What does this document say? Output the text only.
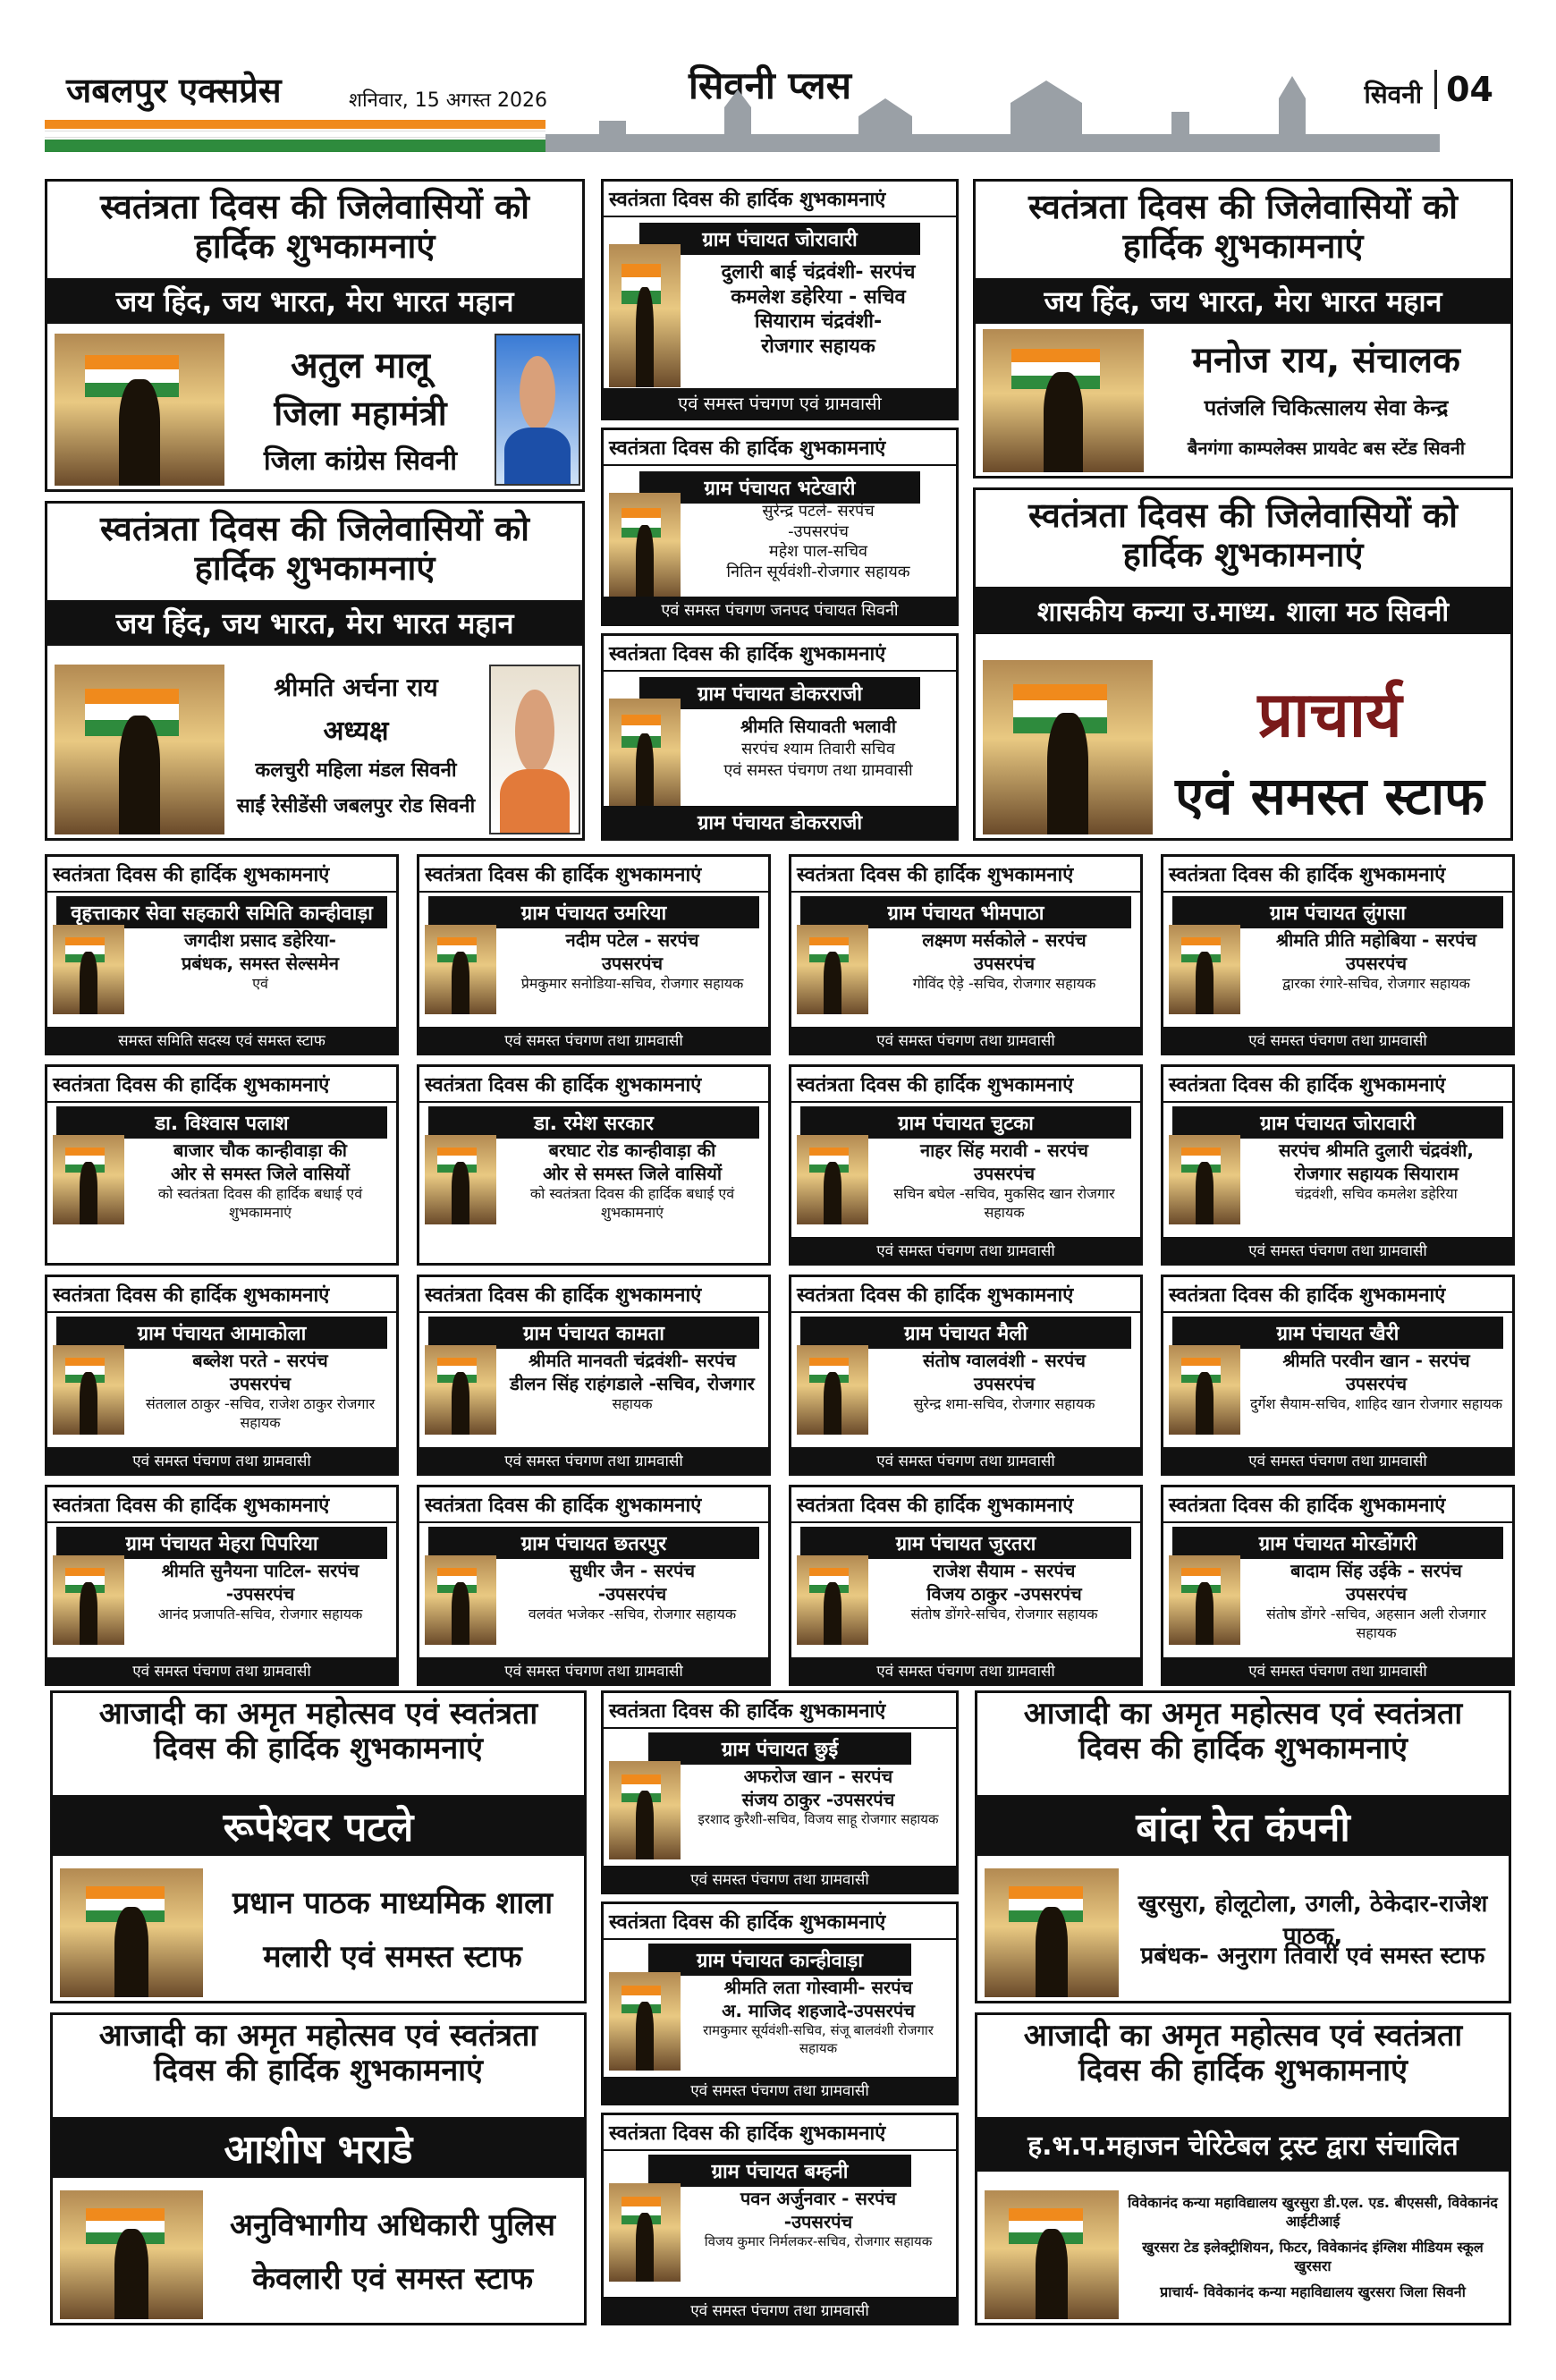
जबलपुर एक्सप्रेस	शनिवार, 15 अगस्त 2026	सिवनी प्लस	सिवनी 04
स्वतंत्रता दिवस की जिलेवासियों को हार्दिक शुभकामनाएं
जय हिंद, जय भारत, मेरा भारत महान
अतुल मालू
जिला महामंत्री
जिला कांग्रेस सिवनी
स्वतंत्रता दिवस की जिलेवासियों को हार्दिक शुभकामनाएं
जय हिंद, जय भारत, मेरा भारत महान
श्रीमति अर्चना राय
अध्यक्ष
कलचुरी महिला मंडल सिवनी
साईं रेसीडेंसी जबलपुर रोड सिवनी
स्वतंत्रता दिवस की हार्दिक शुभकामनाएं
ग्राम पंचायत जोरावारी
दुलारी बाई चंद्रवंशी- सरपंच
कमलेश डहेरिया - सचिव
सियाराम चंद्रवंशी-
रोजगार सहायक
एवं समस्त पंचगण एवं ग्रामवासी
स्वतंत्रता दिवस की हार्दिक शुभकामनाएं
ग्राम पंचायत भटेखारी
सुरेन्द्र पटले- सरपंच
-उपसरपंच
महेश पाल-सचिव
नितिन सूर्यवंशी-रोजगार सहायक
एवं समस्त पंचगण जनपद पंचायत सिवनी
स्वतंत्रता दिवस की हार्दिक शुभकामनाएं
ग्राम पंचायत डोकरराजी
श्रीमति सियावती भलावी
सरपंच श्याम तिवारी सचिव
एवं समस्त पंचगण तथा ग्रामवासी
ग्राम पंचायत डोकरराजी
स्वतंत्रता दिवस की जिलेवासियों को हार्दिक शुभकामनाएं
जय हिंद, जय भारत, मेरा भारत महान
मनोज राय, संचालक
पतंजलि चिकित्सालय सेवा केन्द्र
बैनगंगा काम्पलेक्स प्रायवेट बस स्टेंड सिवनी
स्वतंत्रता दिवस की जिलेवासियों को हार्दिक शुभकामनाएं
शासकीय कन्या उ.माध्य. शाला मठ सिवनी
प्राचार्य
एवं समस्त स्टाफ
स्वतंत्रता दिवस की हार्दिक शुभकामनाएं
वृहत्ताकार सेवा सहकारी समिति कान्हीवाड़ा
जगदीश प्रसाद डहेरिया-
प्रबंधक, समस्त सेल्समेन
एवं
समस्त समिति सदस्य एवं समस्त स्टाफ
स्वतंत्रता दिवस की हार्दिक शुभकामनाएं
ग्राम पंचायत उमरिया
नदीम पटेल - सरपंच
उपसरपंच
प्रेमकुमार सनोडिया-सचिव, रोजगार सहायक
एवं समस्त पंचगण तथा ग्रामवासी
स्वतंत्रता दिवस की हार्दिक शुभकामनाएं
ग्राम पंचायत भीमपाठा
लक्ष्मण मर्सकोले - सरपंच
उपसरपंच
गोविंद ऐड़े -सचिव, रोजगार सहायक
एवं समस्त पंचगण तथा ग्रामवासी
स्वतंत्रता दिवस की हार्दिक शुभकामनाएं
ग्राम पंचायत लुंगसा
श्रीमति प्रीति महोबिया - सरपंच
उपसरपंच
द्वारका रंगारे-सचिव, रोजगार सहायक
एवं समस्त पंचगण तथा ग्रामवासी
स्वतंत्रता दिवस की हार्दिक शुभकामनाएं
डा. विश्वास पलाश
बाजार चौक कान्हीवाड़ा की
ओर से समस्त जिले वासियों
को स्वतंत्रता दिवस की हार्दिक बधाई एवं शुभकामनाएं
स्वतंत्रता दिवस की हार्दिक शुभकामनाएं
डा. रमेश सरकार
बरघाट रोड कान्हीवाड़ा की
ओर से समस्त जिले वासियों
को स्वतंत्रता दिवस की हार्दिक बधाई एवं शुभकामनाएं
स्वतंत्रता दिवस की हार्दिक शुभकामनाएं
ग्राम पंचायत चुटका
नाहर सिंह मरावी - सरपंच
उपसरपंच
सचिन बघेल -सचिव, मुकसिद खान रोजगार सहायक
एवं समस्त पंचगण तथा ग्रामवासी
स्वतंत्रता दिवस की हार्दिक शुभकामनाएं
ग्राम पंचायत जोरावारी
सरपंच श्रीमति दुलारी चंद्रवंशी,
रोजगार सहायक सियाराम
चंद्रवंशी, सचिव कमलेश डहेरिया
एवं समस्त पंचगण तथा ग्रामवासी
स्वतंत्रता दिवस की हार्दिक शुभकामनाएं
ग्राम पंचायत आमाकोला
बब्लेश परते - सरपंच
उपसरपंच
संतलाल ठाकुर -सचिव, राजेश ठाकुर रोजगार सहायक
एवं समस्त पंचगण तथा ग्रामवासी
स्वतंत्रता दिवस की हार्दिक शुभकामनाएं
ग्राम पंचायत कामता
श्रीमति मानवती चंद्रवंशी- सरपंच
डीलन सिंह राहंगडाले -सचिव, रोजगार
सहायक
एवं समस्त पंचगण तथा ग्रामवासी
स्वतंत्रता दिवस की हार्दिक शुभकामनाएं
ग्राम पंचायत मैली
संतोष ग्वालवंशी - सरपंच
उपसरपंच
सुरेन्द्र शमा-सचिव, रोजगार सहायक
एवं समस्त पंचगण तथा ग्रामवासी
स्वतंत्रता दिवस की हार्दिक शुभकामनाएं
ग्राम पंचायत खैरी
श्रीमति परवीन खान - सरपंच
उपसरपंच
दुर्गेश सैयाम-सचिव, शाहिद खान रोजगार सहायक
एवं समस्त पंचगण तथा ग्रामवासी
स्वतंत्रता दिवस की हार्दिक शुभकामनाएं
ग्राम पंचायत मेहरा पिपरिया
श्रीमति सुनैयना पाटिल- सरपंच
-उपसरपंच
आनंद प्रजापति-सचिव, रोजगार सहायक
एवं समस्त पंचगण तथा ग्रामवासी
स्वतंत्रता दिवस की हार्दिक शुभकामनाएं
ग्राम पंचायत छतरपुर
सुधीर जैन - सरपंच
-उपसरपंच
वलवंत भजेकर -सचिव, रोजगार सहायक
एवं समस्त पंचगण तथा ग्रामवासी
स्वतंत्रता दिवस की हार्दिक शुभकामनाएं
ग्राम पंचायत जुरतरा
राजेश सैयाम - सरपंच
विजय ठाकुर -उपसरपंच
संतोष डोंगरे-सचिव, रोजगार सहायक
एवं समस्त पंचगण तथा ग्रामवासी
स्वतंत्रता दिवस की हार्दिक शुभकामनाएं
ग्राम पंचायत मोरडोंगरी
बादाम सिंह उईके - सरपंच
उपसरपंच
संतोष डोंगरे -सचिव, अहसान अली रोजगार सहायक
एवं समस्त पंचगण तथा ग्रामवासी
आजादी का अमृत महोत्सव एवं स्वतंत्रता दिवस की हार्दिक शुभकामनाएं
रूपेश्वर पटले
प्रधान पाठक माध्यमिक शाला
मलारी एवं समस्त स्टाफ
आजादी का अमृत महोत्सव एवं स्वतंत्रता दिवस की हार्दिक शुभकामनाएं
आशीष भराडे
अनुविभागीय अधिकारी पुलिस
केवलारी एवं समस्त स्टाफ
आजादी का अमृत महोत्सव एवं स्वतंत्रता दिवस की हार्दिक शुभकामनाएं
बांदा रेत कंपनी
खुरसुरा, होलूटोला, उगली, ठेकेदार-राजेश पाठक,
प्रबंधक- अनुराग तिवारी एवं समस्त स्टाफ
आजादी का अमृत महोत्सव एवं स्वतंत्रता दिवस की हार्दिक शुभकामनाएं
ह.भ.प.महाजन चेरिटेबल ट्रस्ट द्वारा संचालित
विवेकानंद कन्या महाविद्यालय खुरसुरा डी.एल. एड. बीएससी, विवेकानंद आईटीआई
खुरसरा टेड इलेक्ट्रीशियन, फिटर, विवेकानंद इंग्लिश मीडियम स्कूल खुरसरा
प्राचार्य- विवेकानंद कन्या महाविद्यालय खुरसरा जिला सिवनी
स्वतंत्रता दिवस की हार्दिक शुभकामनाएं
ग्राम पंचायत छुई
अफरोज खान - सरपंच
संजय ठाकुर -उपसरपंच
इरशाद कुरैशी-सचिव, विजय साहू रोजगार सहायक
एवं समस्त पंचगण तथा ग्रामवासी
स्वतंत्रता दिवस की हार्दिक शुभकामनाएं
ग्राम पंचायत कान्हीवाड़ा
श्रीमति लता गोस्वामी- सरपंच
अ. माजिद शहजादे-उपसरपंच
रामकुमार सूर्यवंशी-सचिव, संजू बालवंशी रोजगार सहायक
एवं समस्त पंचगण तथा ग्रामवासी
स्वतंत्रता दिवस की हार्दिक शुभकामनाएं
ग्राम पंचायत बम्हनी
पवन अर्जुनवार - सरपंच
-उपसरपंच
विजय कुमार निर्मलकर-सचिव, रोजगार सहायक
एवं समस्त पंचगण तथा ग्रामवासी
